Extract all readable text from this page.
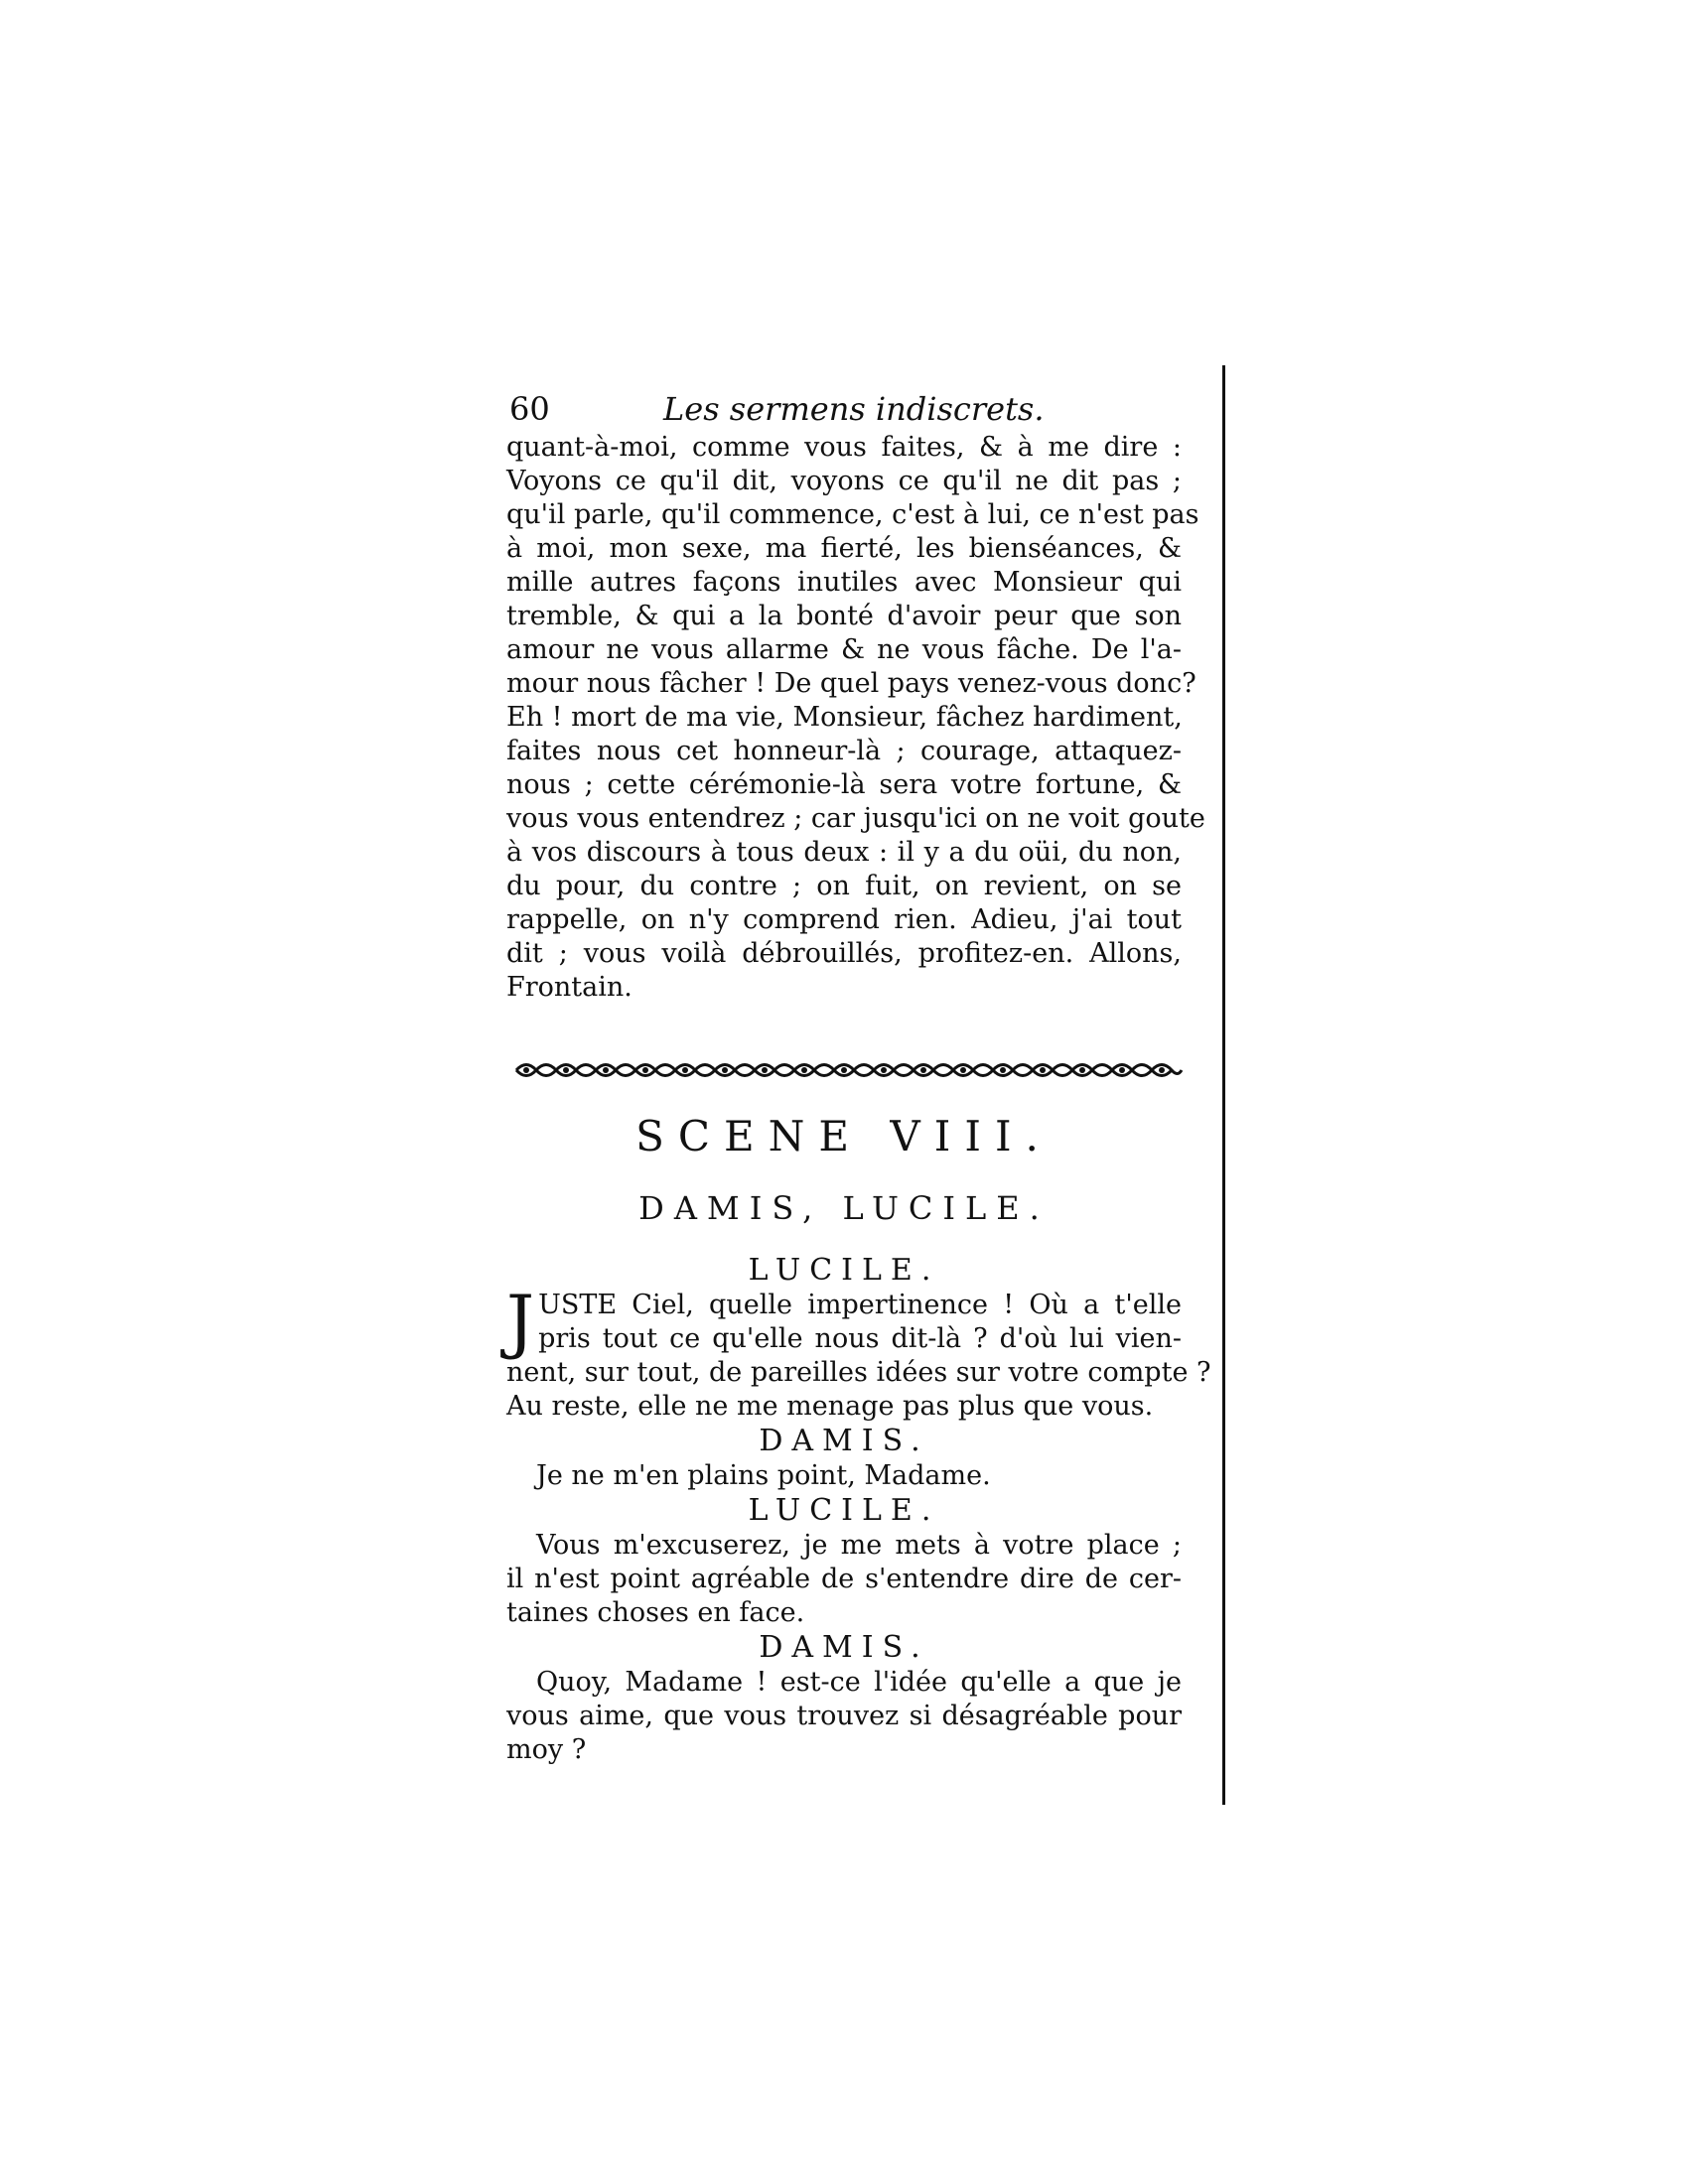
60	Les sermens indiscrets.
quant-à-moi, comme vous faites, & à me dire :
Voyons ce qu'il dit, voyons ce qu'il ne dit pas ;
qu'il parle, qu'il commence, c'est à lui, ce n'est pas
à moi, mon sexe, ma fierté, les bienséances, &
mille autres façons inutiles avec Monsieur qui
tremble, & qui a la bonté d'avoir peur que son
amour ne vous allarme & ne vous fâche. De l'a-
mour nous fâcher ! De quel pays venez-vous donc?
Eh ! mort de ma vie, Monsieur, fâchez hardiment,
faites nous cet honneur-là ; courage, attaquez-
nous ; cette cérémonie-là sera votre fortune, &
vous vous entendrez ; car jusqu'ici on ne voit goute
à vos discours à tous deux : il y a du oüi, du non,
du pour, du contre ; on fuit, on revient, on se
rappelle, on n'y comprend rien. Adieu, j'ai tout
dit ; vous voilà débrouillés, profitez-en. Allons,
Frontain.
SCENE VIII.
DAMIS, LUCILE.
LUCILE.
J USTE Ciel, quelle impertinence ! Où a t'elle
pris tout ce qu'elle nous dit-là ? d'où lui vien-
nent, sur tout, de pareilles idées sur votre compte ?
Au reste, elle ne me menage pas plus que vous.
DAMIS.
Je ne m'en plains point, Madame.
LUCILE.
Vous m'excuserez, je me mets à votre place ;
il n'est point agréable de s'entendre dire de cer-
taines choses en face.
DAMIS.
Quoy, Madame ! est-ce l'idée qu'elle a que je
vous aime, que vous trouvez si désagréable pour
moy ?
